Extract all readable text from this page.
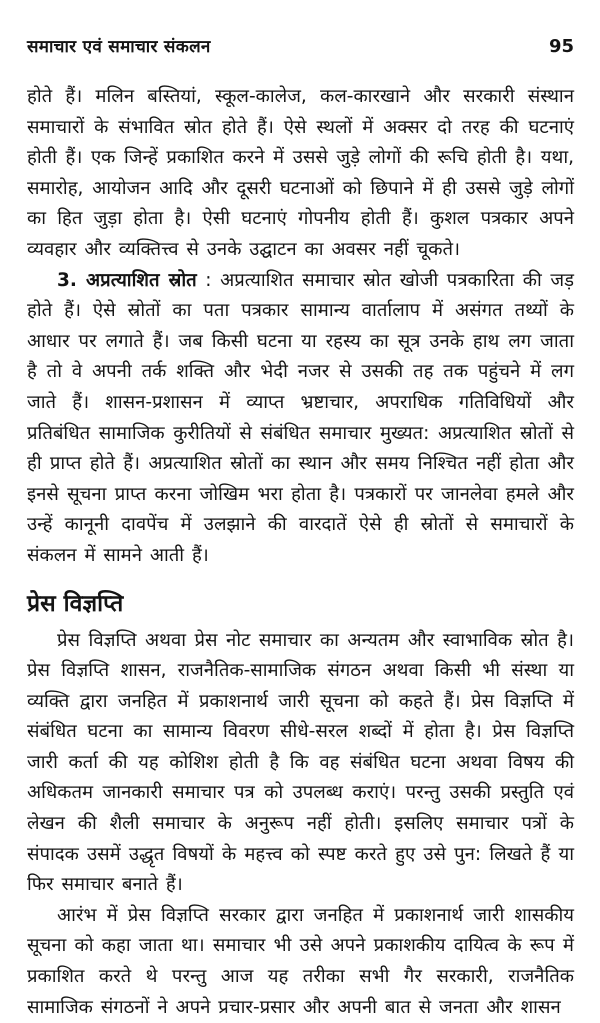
समाचार एवं समाचार संकलन	95

होते हैं। मलिन बस्तियां, स्कूल-कालेज, कल-कारखाने और सरकारी संस्थान समाचारों के संभावित स्रोत होते हैं। ऐसे स्थलों में अक्सर दो तरह की घटनाएं होती हैं। एक जिन्हें प्रकाशित करने में उससे जुड़े लोगों की रूचि होती है। यथा, समारोह, आयोजन आदि और दूसरी घटनाओं को छिपाने में ही उससे जुड़े लोगों का हित जुड़ा होता है। ऐसी घटनाएं गोपनीय होती हैं। कुशल पत्रकार अपने व्यवहार और व्यक्तित्त्व से उनके उद्घाटन का अवसर नहीं चूकते।

3. अप्रत्याशित स्रोत : अप्रत्याशित समाचार स्रोत खोजी पत्रकारिता की जड़ होते हैं। ऐसे स्रोतों का पता पत्रकार सामान्य वार्तालाप में असंगत तथ्यों के आधार पर लगाते हैं। जब किसी घटना या रहस्य का सूत्र उनके हाथ लग जाता है तो वे अपनी तर्क शक्ति और भेदी नजर से उसकी तह तक पहुंचने में लग जाते हैं। शासन-प्रशासन में व्याप्त भ्रष्टाचार, अपराधिक गतिविधियों और प्रतिबंधित सामाजिक कुरीतियों से संबंधित समाचार मुख्यत: अप्रत्याशित स्रोतों से ही प्राप्त होते हैं। अप्रत्याशित स्रोतों का स्थान और समय निश्चित नहीं होता और इनसे सूचना प्राप्त करना जोखिम भरा होता है। पत्रकारों पर जानलेवा हमले और उन्हें कानूनी दावपेंच में उलझाने की वारदातें ऐसे ही स्रोतों से समाचारों के संकलन में सामने आती हैं।

प्रेस विज्ञप्ति

प्रेस विज्ञप्ति अथवा प्रेस नोट समाचार का अन्यतम और स्वाभाविक स्रोत है। प्रेस विज्ञप्ति शासन, राजनैतिक-सामाजिक संगठन अथवा किसी भी संस्था या व्यक्ति द्वारा जनहित में प्रकाशनार्थ जारी सूचना को कहते हैं। प्रेस विज्ञप्ति में संबंधित घटना का सामान्य विवरण सीधे-सरल शब्दों में होता है। प्रेस विज्ञप्ति जारी कर्ता की यह कोशिश होती है कि वह संबंधित घटना अथवा विषय की अधिकतम जानकारी समाचार पत्र को उपलब्ध कराएं। परन्तु उसकी प्रस्तुति एवं लेखन की शैली समाचार के अनुरूप नहीं होती। इसलिए समाचार पत्रों के संपादक उसमें उद्धृत विषयों के महत्त्व को स्पष्ट करते हुए उसे पुन: लिखते हैं या फिर समाचार बनाते हैं।

आरंभ में प्रेस विज्ञप्ति सरकार द्वारा जनहित में प्रकाशनार्थ जारी शासकीय सूचना को कहा जाता था। समाचार भी उसे अपने प्रकाशकीय दायित्व के रूप में प्रकाशित करते थे परन्तु आज यह तरीका सभी गैर सरकारी, राजनैतिक सामाजिक संगठनों ने अपने प्रचार-प्रसार और अपनी बात से जनता और शासन
